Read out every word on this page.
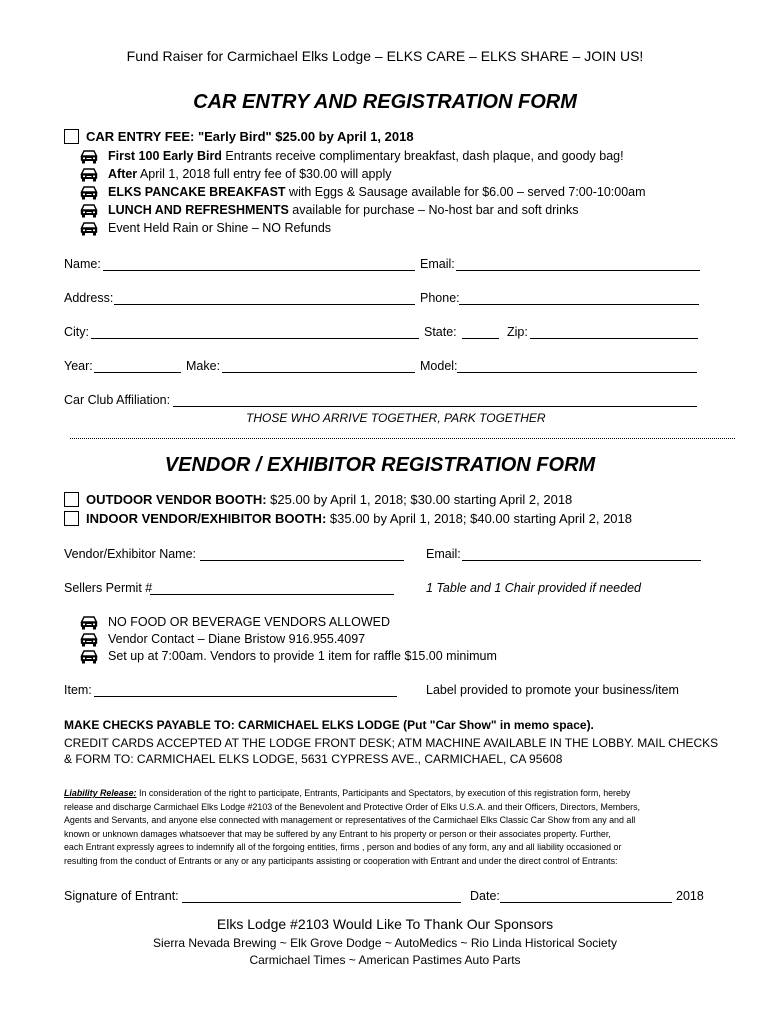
Fund Raiser for Carmichael Elks Lodge – ELKS CARE – ELKS SHARE – JOIN US!
CAR ENTRY AND REGISTRATION FORM
CAR ENTRY FEE: "Early Bird" $25.00 by April 1, 2018
First 100 Early Bird Entrants receive complimentary breakfast, dash plaque, and goody bag!
After April 1, 2018 full entry fee of $30.00 will apply
ELKS PANCAKE BREAKFAST with Eggs & Sausage available for $6.00 – served 7:00-10:00am
LUNCH AND REFRESHMENTS available for purchase – No-host bar and soft drinks
Event Held Rain or Shine – NO Refunds
Name:	Email:
Address:	Phone:
City:	State:	Zip:
Year:	Make:	Model:
Car Club Affiliation:
THOSE WHO ARRIVE TOGETHER, PARK TOGETHER
VENDOR / EXHIBITOR REGISTRATION FORM
OUTDOOR VENDOR BOOTH: $25.00 by April 1, 2018; $30.00 starting April 2, 2018
INDOOR VENDOR/EXHIBITOR BOOTH: $35.00 by April 1, 2018; $40.00 starting April 2, 2018
Vendor/Exhibitor Name:	Email:
Sellers Permit #	1 Table and 1 Chair provided if needed
NO FOOD OR BEVERAGE VENDORS ALLOWED
Vendor Contact – Diane Bristow 916.955.4097
Set up at 7:00am. Vendors to provide 1 item for raffle $15.00 minimum
Item:	Label provided to promote your business/item
MAKE CHECKS PAYABLE TO: CARMICHAEL ELKS LODGE (Put "Car Show" in memo space).
CREDIT CARDS ACCEPTED AT THE LODGE FRONT DESK; ATM MACHINE AVAILABLE IN THE LOBBY. MAIL CHECKS
& FORM TO: CARMICHAEL ELKS LODGE, 5631 CYPRESS AVE., CARMICHAEL, CA 95608
Liability Release: In consideration of the right to participate, Entrants, Participants and Spectators, by execution of this registration form, hereby
release and discharge Carmichael Elks Lodge #2103 of the Benevolent and Protective Order of Elks U.S.A. and their Officers, Directors, Members,
Agents and Servants, and anyone else connected with management or representatives of the Carmichael Elks Classic Car Show from any and all
known or unknown damages whatsoever that may be suffered by any Entrant to his property or person or their associates property. Further,
each Entrant expressly agrees to indemnify all of the forgoing entities, firms , person and bodies of any form, any and all liability occasioned or
resulting from the conduct of Entrants or any or any participants assisting or cooperation with Entrant and under the direct control of Entrants:
Signature of Entrant:	Date:	2018
Elks Lodge #2103 Would Like To Thank Our Sponsors
Sierra Nevada Brewing ~ Elk Grove Dodge ~ AutoMedics ~ Rio Linda Historical Society
Carmichael Times ~ American Pastimes Auto Parts
